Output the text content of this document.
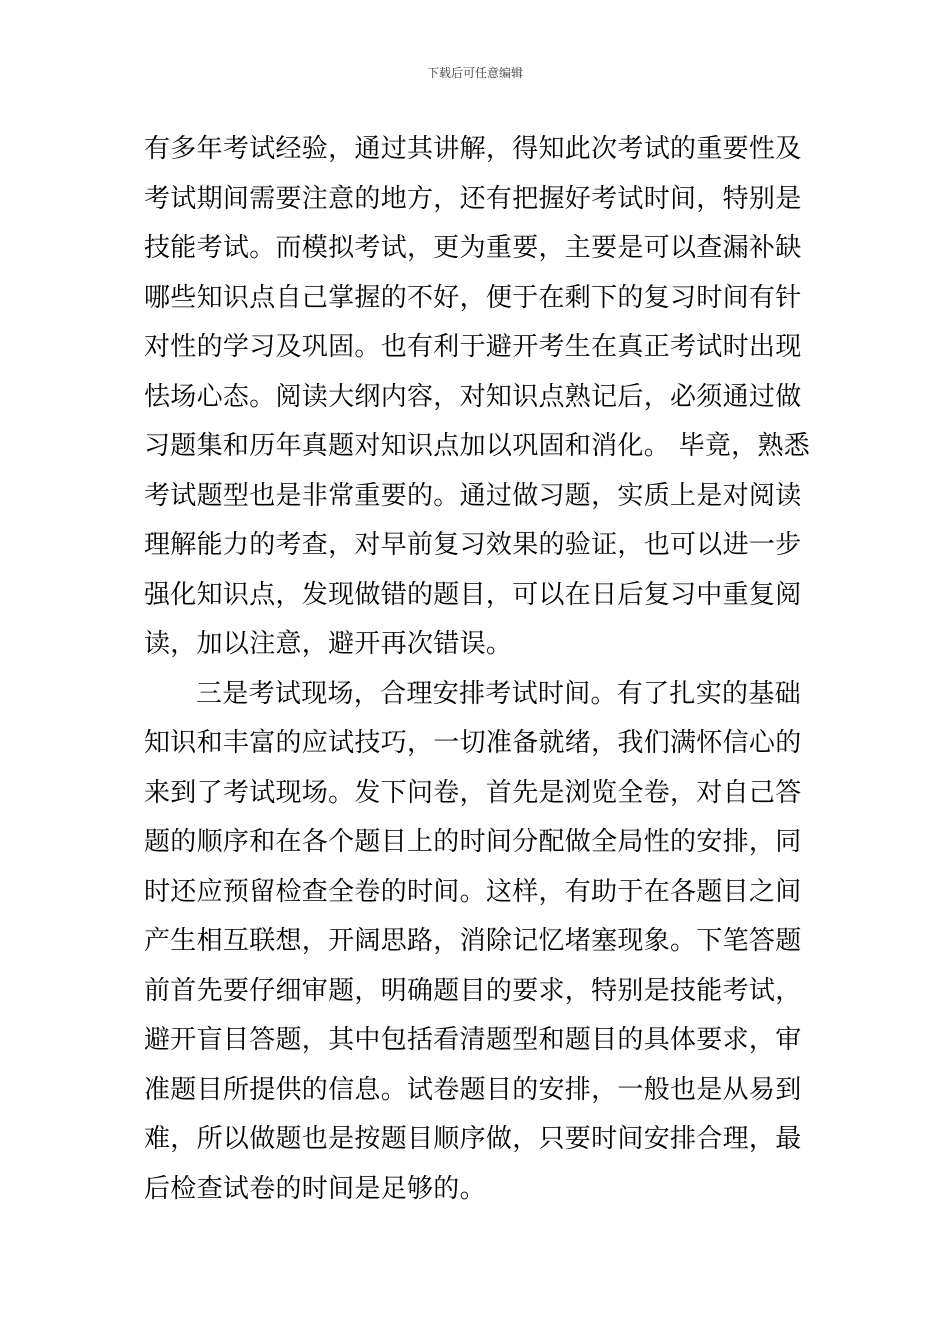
下载后可任意编辑
有多年考试经验，通过其讲解，得知此次考试的重要性及
考试期间需要注意的地方，还有把握好考试时间，特别是
技能考试。而模拟考试，更为重要，主要是可以查漏补缺
哪些知识点自己掌握的不好，便于在剩下的复习时间有针
对性的学习及巩固。也有利于避开考生在真正考试时出现
怯场心态。阅读大纲内容，对知识点熟记后，必须通过做
习题集和历年真题对知识点加以巩固和消化。 毕竟，熟悉
考试题型也是非常重要的。通过做习题，实质上是对阅读
理解能力的考查，对早前复习效果的验证，也可以进一步
强化知识点，发现做错的题目，可以在日后复习中重复阅
读，加以注意，避开再次错误。
三是考试现场，合理安排考试时间。有了扎实的基础
知识和丰富的应试技巧，一切准备就绪，我们满怀信心的
来到了考试现场。发下问卷，首先是浏览全卷，对自己答
题的顺序和在各个题目上的时间分配做全局性的安排，同
时还应预留检查全卷的时间。这样，有助于在各题目之间
产生相互联想，开阔思路，消除记忆堵塞现象。下笔答题
前首先要仔细审题，明确题目的要求，特别是技能考试，
避开盲目答题，其中包括看清题型和题目的具体要求，审
准题目所提供的信息。试卷题目的安排，一般也是从易到
难，所以做题也是按题目顺序做，只要时间安排合理，最
后检查试卷的时间是足够的。
